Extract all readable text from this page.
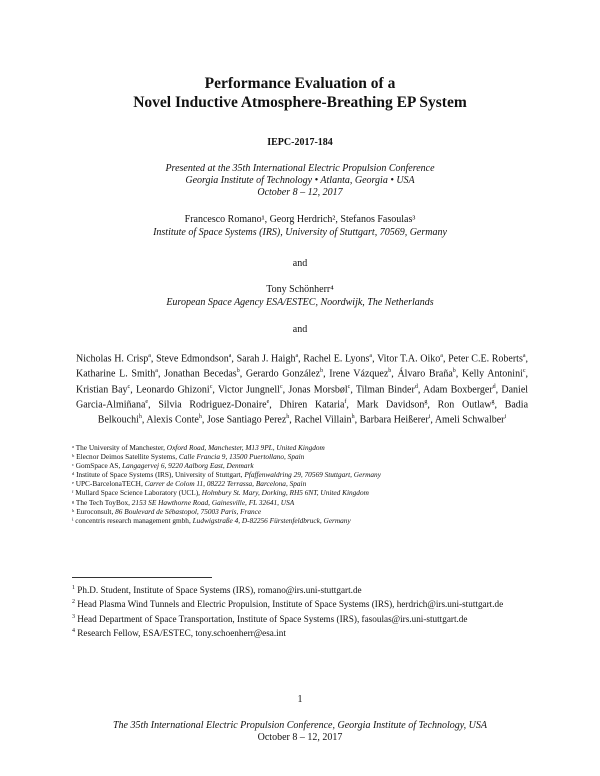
Performance Evaluation of a
Novel Inductive Atmosphere-Breathing EP System
IEPC-2017-184
Presented at the 35th International Electric Propulsion Conference
Georgia Institute of Technology • Atlanta, Georgia • USA
October 8 – 12, 2017
Francesco Romano¹, Georg Herdrich², Stefanos Fasoulas³
Institute of Space Systems (IRS), University of Stuttgart, 70569, Germany
and
Tony Schönherr⁴
European Space Agency ESA/ESTEC, Noordwijk, The Netherlands
and
Nicholas H. Crisp$^a$, Steve Edmondson$^a$, Sarah J. Haigh$^a$, Rachel E. Lyons$^a$, Vitor T.A. Oiko$^a$, Peter C.E. Roberts$^a$, Katharine L. Smith$^a$, Jonathan Becedas$^b$, Gerardo González$^b$, Irene Vázquez$^b$, Álvaro Braña$^b$, Kelly Antonini$^c$, Kristian Bay$^c$, Leonardo Ghizoni$^c$, Victor Jungnell$^c$, Jonas Morsbøl$^c$, Tilman Binder$^d$, Adam Boxberger$^d$, Daniel Garcia-Almiñana$^e$, Silvia Rodriguez-Donaire$^e$, Dhiren Kataria$^f$, Mark Davidson$^g$, Ron Outlaw$^g$, Badia Belkouchi$^h$, Alexis Conte$^h$, Jose Santiago Perez$^h$, Rachel Villain$^h$, Barbara Heißerer$^i$, Ameli Schwalber$^i$
ᵃ The University of Manchester, Oxford Road, Manchester, M13 9PL, United Kingdom
ᵇ Elecnor Deimos Satellite Systems, Calle Francia 9, 13500 Puertollano, Spain
ᶜ GomSpace AS, Langagervej 6, 9220 Aalborg East, Denmark
ᵈ Institute of Space Systems (IRS), University of Stuttgart, Pfaffenwaldring 29, 70569 Stuttgart, Germany
ᵉ UPC-BarcelonaTECH, Carrer de Colom 11, 08222 Terrassa, Barcelona, Spain
ᶠ Mullard Space Science Laboratory (UCL), Holmbury St. Mary, Dorking, RH5 6NT, United Kingdom
ᵍ The Tech ToyBox, 2153 SE Hawthorne Road, Gainesville, FL 32641, USA
ʰ Euroconsult, 86 Boulevard de Sébastopol, 75003 Paris, France
ⁱ concentris research management gmbh, Ludwigstraße 4, D-82256 Fürstenfeldbruck, Germany
$^1$ Ph.D. Student, Institute of Space Systems (IRS), romano@irs.uni-stuttgart.de
$^2$ Head Plasma Wind Tunnels and Electric Propulsion, Institute of Space Systems (IRS), herdrich@irs.uni-stuttgart.de
$^3$ Head Department of Space Transportation, Institute of Space Systems (IRS), fasoulas@irs.uni-stuttgart.de
$^4$ Research Fellow, ESA/ESTEC, tony.schoenherr@esa.int
1
The 35th International Electric Propulsion Conference, Georgia Institute of Technology, USA
October 8 – 12, 2017
